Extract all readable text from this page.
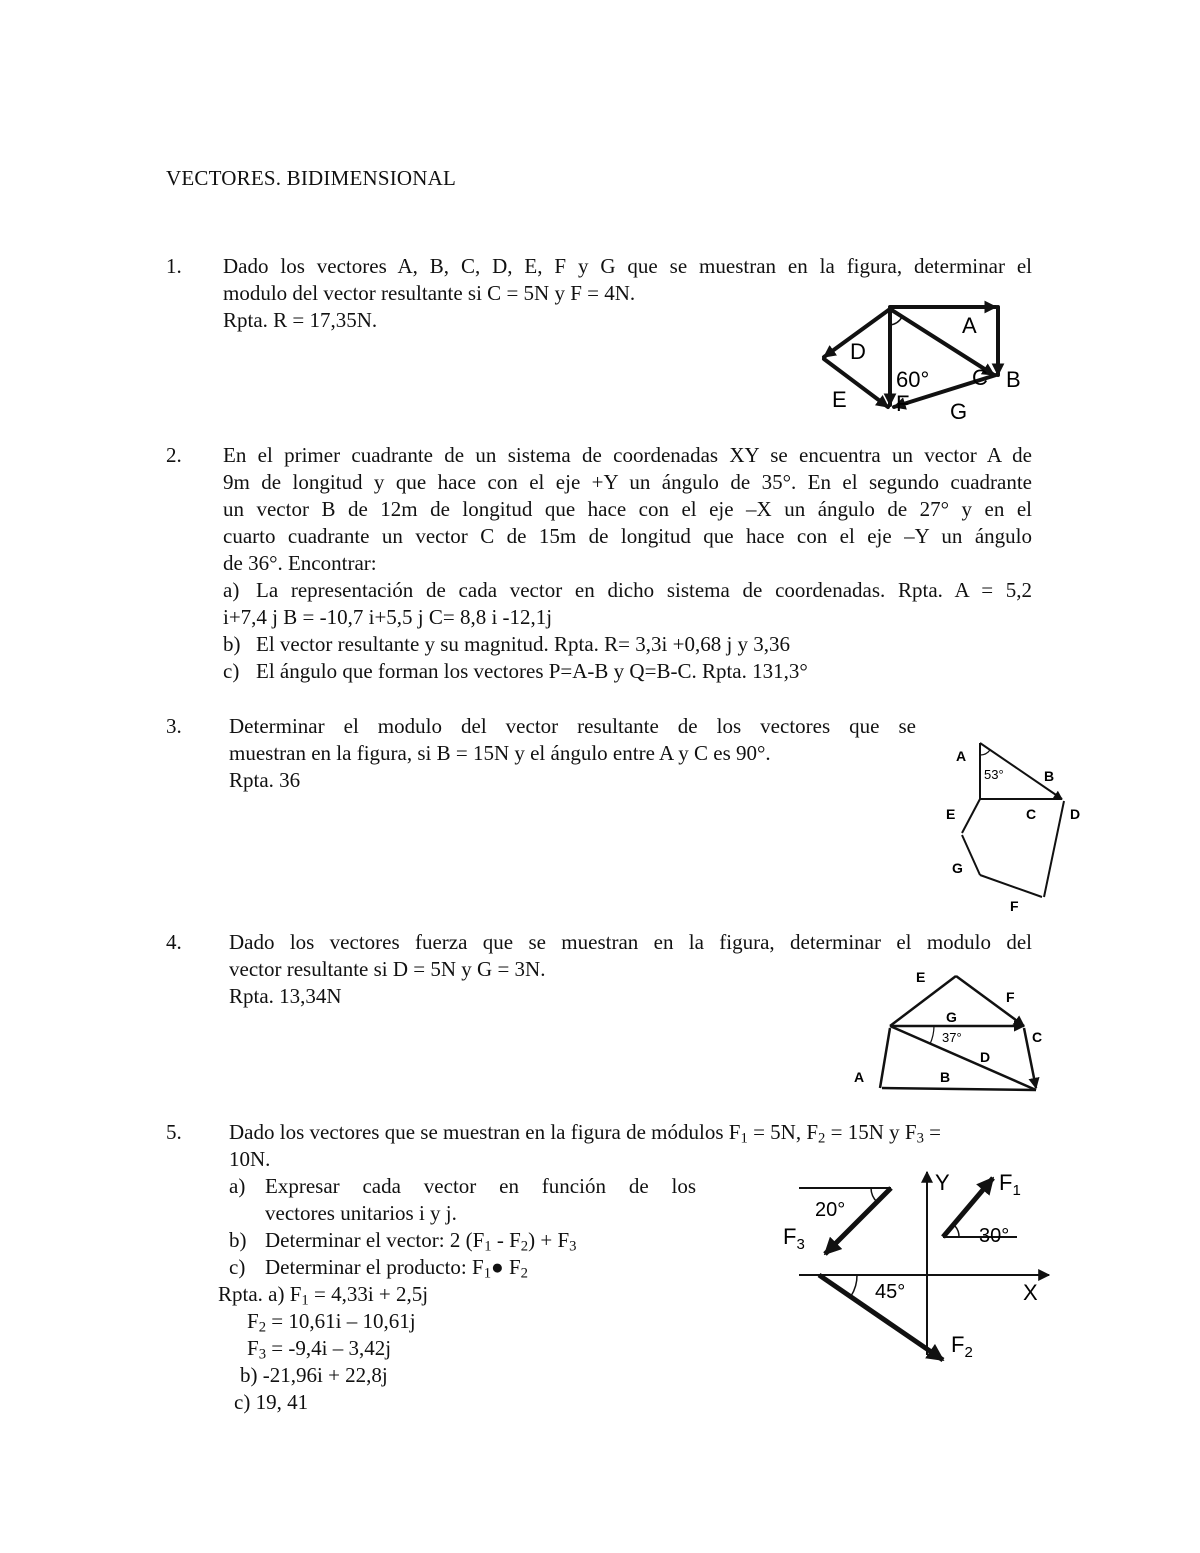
VECTORES. BIDIMENSIONAL
1. Dado los vectores A, B, C, D, E, F y G que se muestran en la figura, determinar el
modulo del vector resultante si C = 5N y F = 4N.
Rpta. R = 17,35N.	A
B
C
D
E F G
60°
2. En el primer cuadrante de un sistema de coordenadas XY se encuentra un vector A de
9m de longitud y que hace con el eje +Y un ángulo de 35°. En el segundo cuadrante
un vector B de 12m de longitud que hace con el eje –X un ángulo de 27° y en el
cuarto cuadrante un vector C de 15m de longitud que hace con el eje –Y un ángulo
de 36°. Encontrar:
a) La representación de cada vector en dicho sistema de coordenadas. Rpta. A = 5,2
i+7,4 j B = -10,7 i+5,5 j C= 8,8 i -12,1j
b) El vector resultante y su magnitud. Rpta. R= 3,3i +0,68 j y 3,36
c) El ángulo que forman los vectores P=A-B y Q=B-C. Rpta. 131,3°
3. Determinar el modulo del vector resultante de los vectores que se
muestran en la figura, si B = 15N y el ángulo entre A y C es 90°.
Rpta. 36
A
B
C D
E
F
G
53°
4. Dado los vectores fuerza que se muestran en la figura, determinar el modulo del
vector resultante si D = 5N y G = 3N.
Rpta. 13,34N
A	B
C
D
E
F
G
37°
5. Dado los vectores que se muestran en la figura de módulos $F_1 = 5N$, $F_2 = 15N$ y $F_3$ =
10N.
a) Expresar cada vector en función de los
vectores unitarios i y j.
b) Determinar el vector: 2 $(F_1 - F_2) + F_3$
c) Determinar el producto: $F_1●$ $F_2$
Rpta. a) $F_1 = 4,33i + 2,5j$
$F_2 = 10,61i - 10,61j$
$F_3 = -9,4i - 3,42j$
b) -21,96i + 22,8j
c) 19, 41
Y
X
$F_1$
$F_2$
$F_3$	30°
45°
20°
